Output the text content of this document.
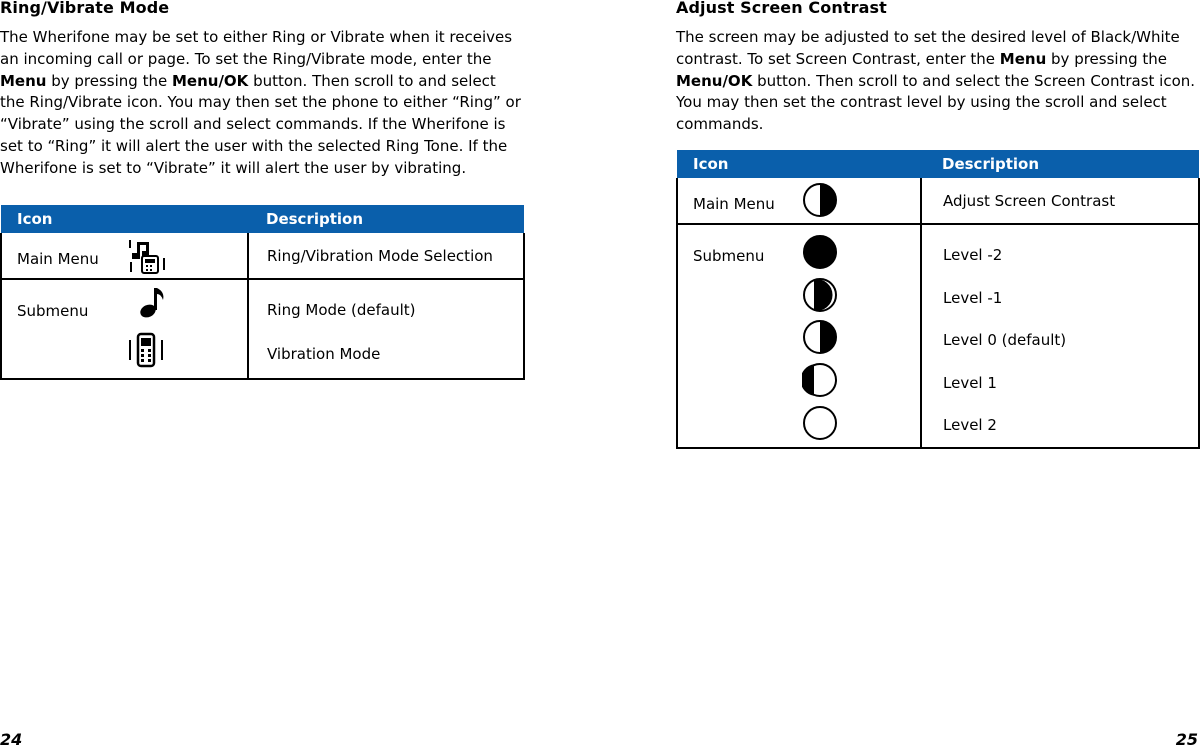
Ring/Vibrate Mode

The Wherifone may be set to either Ring or Vibrate when it receives an incoming call or page. To set the Ring/Vibrate mode, enter the Menu by pressing the Menu/OK button. Then scroll to and select the Ring/Vibrate icon. You may then set the phone to either “Ring” or “Vibrate” using the scroll and select commands. If the Wherifone is set to “Ring” it will alert the user with the selected Ring Tone. If the Wherifone is set to “Vibrate” it will alert the user by vibrating.

Icon	Description

Main Menu	Ring/Vibration Mode Selection

Submenu	Ring Mode (default)
Vibration Mode
24
Adjust Screen Contrast

The screen may be adjusted to set the desired level of Black/White contrast. To set Screen Contrast, enter the Menu by pressing the Menu/OK button. Then scroll to and select the Screen Contrast icon. You may then set the contrast level by using the scroll and select commands.

Icon	Description

Main Menu	Adjust Screen Contrast

Submenu	Level -2
Level -1
Level 0 (default)
Level 1
Level 2
25
